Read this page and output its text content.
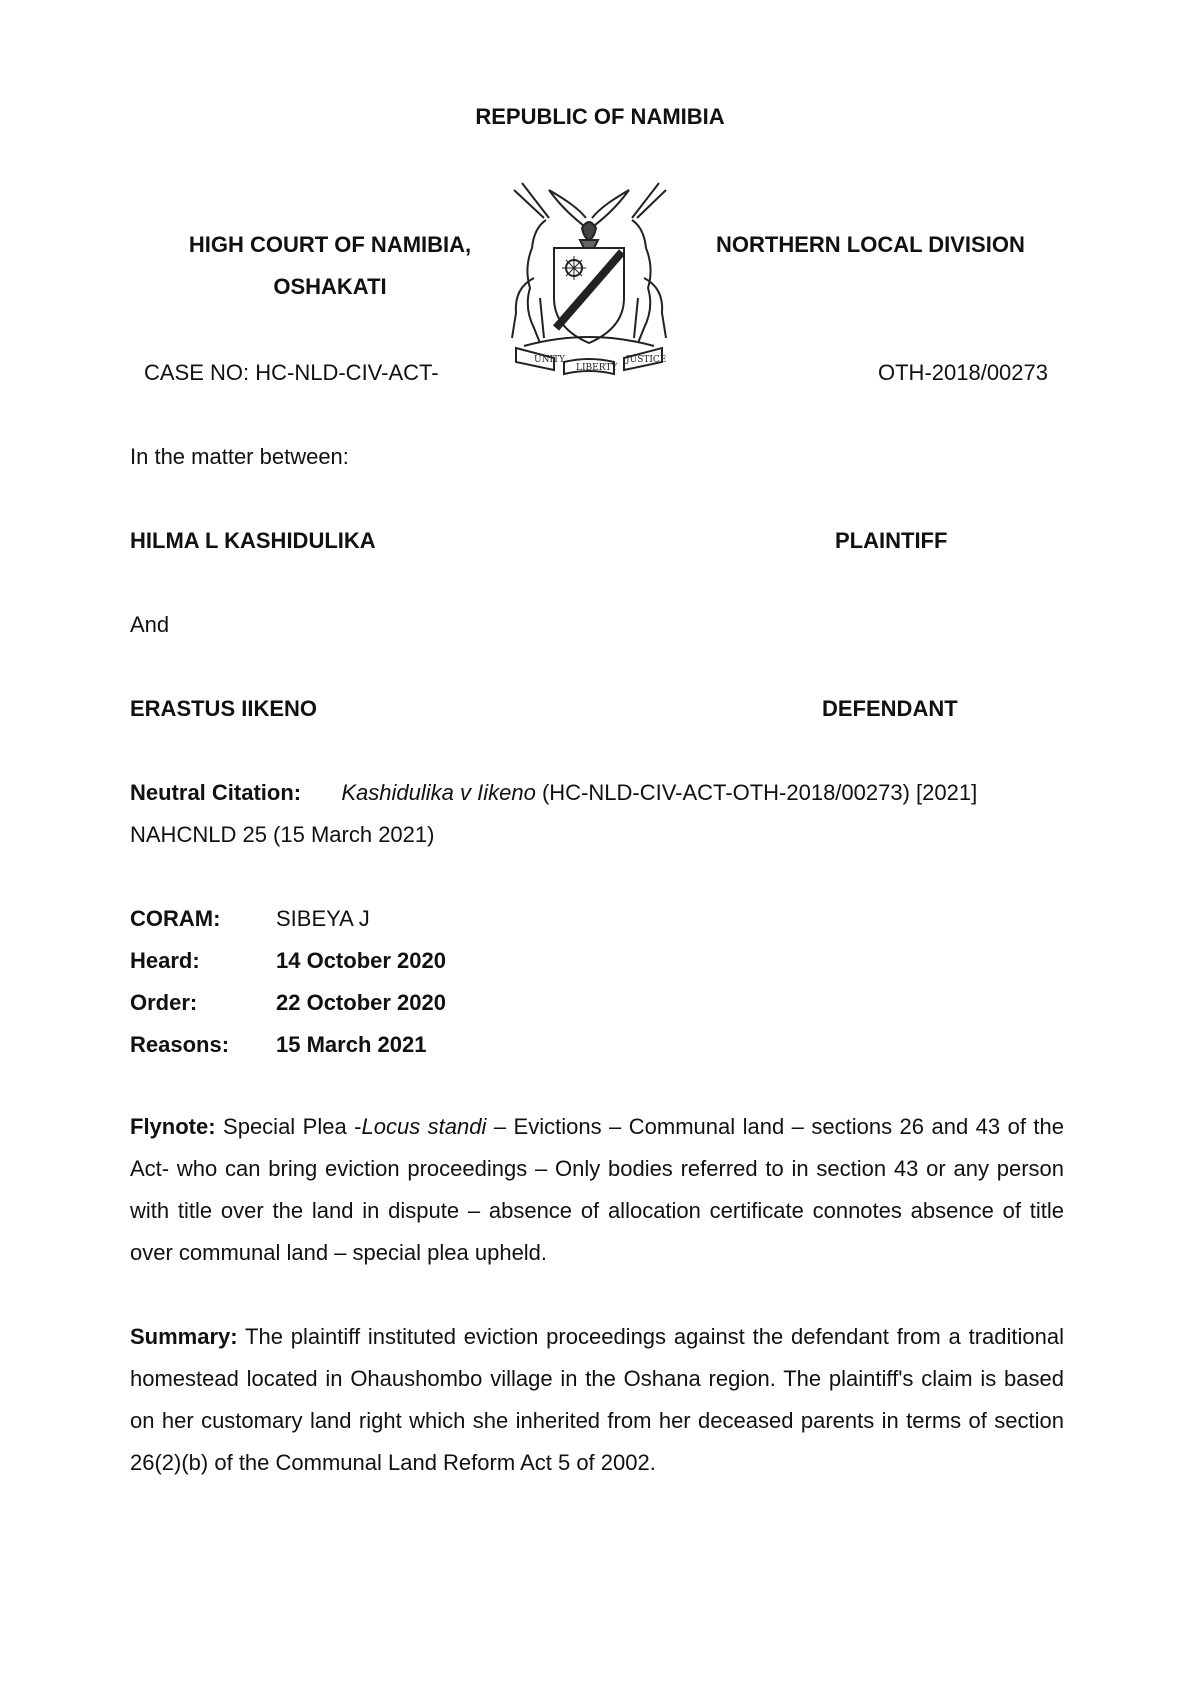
REPUBLIC OF NAMIBIA
HIGH COURT OF NAMIBIA,
OSHAKATI
NORTHERN LOCAL DIVISION
CASE NO: HC-NLD-CIV-ACT-	OTH-2018/00273
UNITY
LIBERTY
JUSTICE
In the matter between:
HILMA L KASHIDULIKA	PLAINTIFF
And
ERASTUS IIKENO	DEFENDANT
Neutral Citation: Kashidulika v Iikeno (HC-NLD-CIV-ACT-OTH-2018/00273) [2021]
NAHCNLD 25 (15 March 2021)
CORAM:	SIBEYA J
Heard:	14 October 2020
Order:	22 October 2020
Reasons: 15 March 2021
Flynote: Special Plea -Locus standi – Evictions – Communal land – sections 26 and 43 of the Act- who can bring eviction proceedings – Only bodies referred to in section 43 or any person with title over the land in dispute – absence of allocation certificate connotes absence of title over communal land – special plea upheld.
Summary: The plaintiff instituted eviction proceedings against the defendant from a traditional homestead located in Ohaushombo village in the Oshana region. The plaintiff's claim is based on her customary land right which she inherited from her deceased parents in terms of section 26(2)(b) of the Communal Land Reform Act 5 of 2002.
